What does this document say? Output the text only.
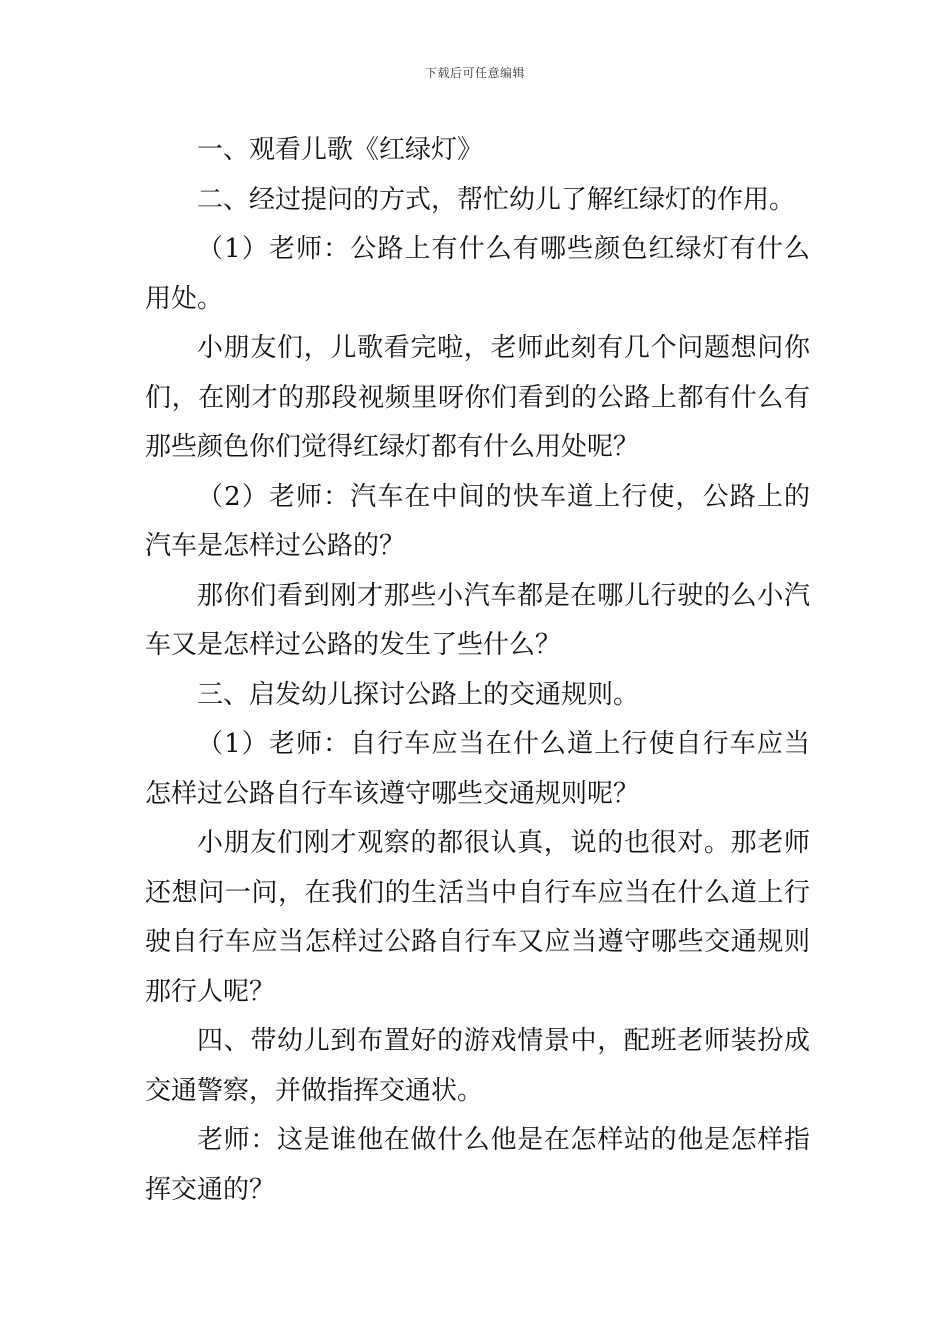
下载后可任意编辑

一、观看儿歌《红绿灯》

二、经过提问的方式，帮忙幼儿了解红绿灯的作用。

（1）老师：公路上有什么有哪些颜色红绿灯有什么用处。

小朋友们，儿歌看完啦，老师此刻有几个问题想问你们，在刚才的那段视频里呀你们看到的公路上都有什么有那些颜色你们觉得红绿灯都有什么用处呢？

（2）老师：汽车在中间的快车道上行使，公路上的汽车是怎样过公路的？

那你们看到刚才那些小汽车都是在哪儿行驶的么小汽车又是怎样过公路的发生了些什么？

三、启发幼儿探讨公路上的交通规则。

（1）老师：自行车应当在什么道上行使自行车应当怎样过公路自行车该遵守哪些交通规则呢？

小朋友们刚才观察的都很认真，说的也很对。那老师还想问一问，在我们的生活当中自行车应当在什么道上行驶自行车应当怎样过公路自行车又应当遵守哪些交通规则那行人呢？

四、带幼儿到布置好的游戏情景中，配班老师装扮成交通警察，并做指挥交通状。

老师：这是谁他在做什么他是在怎样站的他是怎样指挥交通的？
